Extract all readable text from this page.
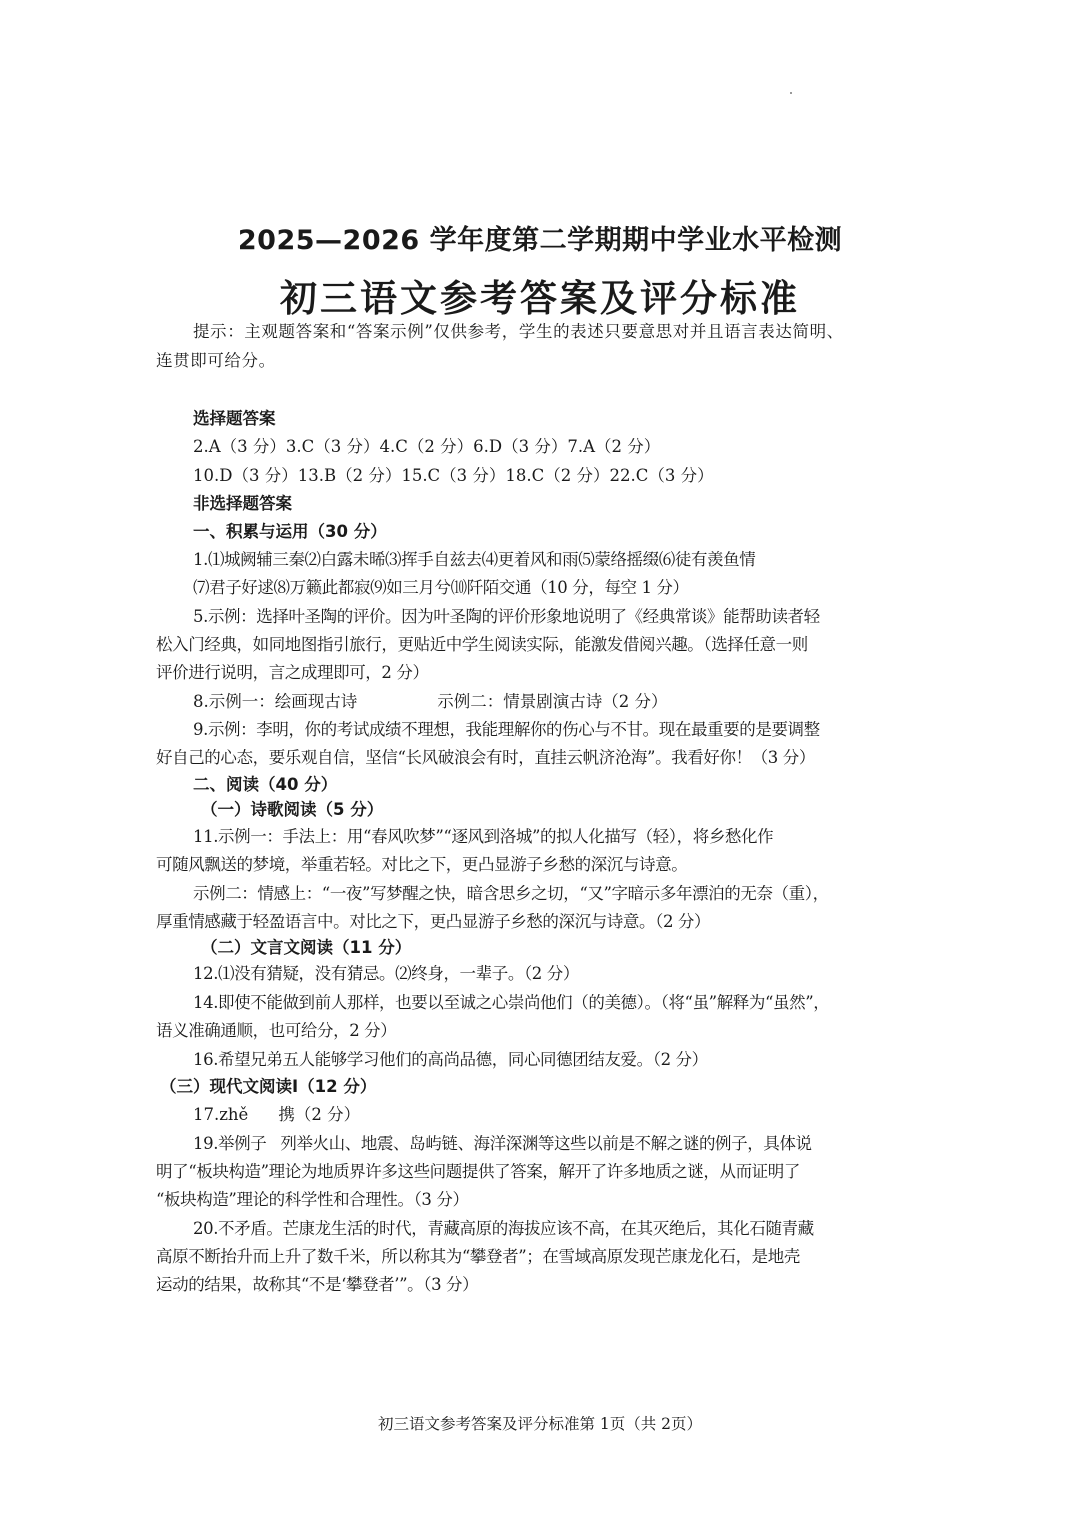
2025—2026 学年度第二学期期中学业水平检测
初三语文参考答案及评分标准
提示：主观题答案和“答案示例”仅供参考，学生的表述只要意思对并且语言表达简明、
连贯即可给分。
选择题答案
2.A（3 分）3.C（3 分）4.C（2 分）6.D（3 分）7.A（2 分）
10.D（3 分）13.B（2 分）15.C（3 分）18.C（2 分）22.C（3 分）
非选择题答案
一、积累与运用（30 分）
1.⑴城阙辅三秦⑵白露未晞⑶挥手自兹去⑷更着风和雨⑸蒙络摇缀⑹徒有羡鱼情
⑺君子好逑⑻万籁此都寂⑼如三月兮⑽阡陌交通（10 分，每空 1 分）
5.示例：选择叶圣陶的评价。因为叶圣陶的评价形象地说明了《经典常谈》能帮助读者轻
松入门经典，如同地图指引旅行，更贴近中学生阅读实际，能激发借阅兴趣。（选择任意一则
评价进行说明，言之成理即可，2 分）
8.示例一：绘画现古诗	示例二：情景剧演古诗（2 分）
9.示例：李明，你的考试成绩不理想，我能理解你的伤心与不甘。现在最重要的是要调整
好自己的心态，要乐观自信，坚信“长风破浪会有时，直挂云帆济沧海”。我看好你！（3 分）
二、阅读（40 分）
（一）诗歌阅读（5 分）
11.示例一：手法上：用“春风吹梦”“逐风到洛城”的拟人化描写（轻），将乡愁化作
可随风飘送的梦境，举重若轻。对比之下，更凸显游子乡愁的深沉与诗意。
示例二：情感上：“一夜”写梦醒之快，暗含思乡之切，“又”字暗示多年漂泊的无奈（重），
厚重情感藏于轻盈语言中。对比之下，更凸显游子乡愁的深沉与诗意。（2 分）
（二）文言文阅读（11 分）
12.⑴没有猜疑，没有猜忌。⑵终身，一辈子。（2 分）
14.即使不能做到前人那样，也要以至诚之心崇尚他们（的美德）。（将“虽”解释为“虽然”，
语义准确通顺，也可给分，2 分）
16.希望兄弟五人能够学习他们的高尚品德，同心同德团结友爱。（2 分）
（三）现代文阅读Ⅰ（12 分）
17.zhě 携（2 分）
19.举例子 列举火山、地震、岛屿链、海洋深渊等这些以前是不解之谜的例子，具体说
明了“板块构造”理论为地质界许多这些问题提供了答案，解开了许多地质之谜，从而证明了
“板块构造”理论的科学性和合理性。（3 分）
20.不矛盾。芒康龙生活的时代，青藏高原的海拔应该不高，在其灭绝后，其化石随青藏
高原不断抬升而上升了数千米，所以称其为“攀登者”；在雪域高原发现芒康龙化石，是地壳
运动的结果，故称其“不是‘攀登者’”。（3 分）
初三语文参考答案及评分标准第 1页（共 2页）
